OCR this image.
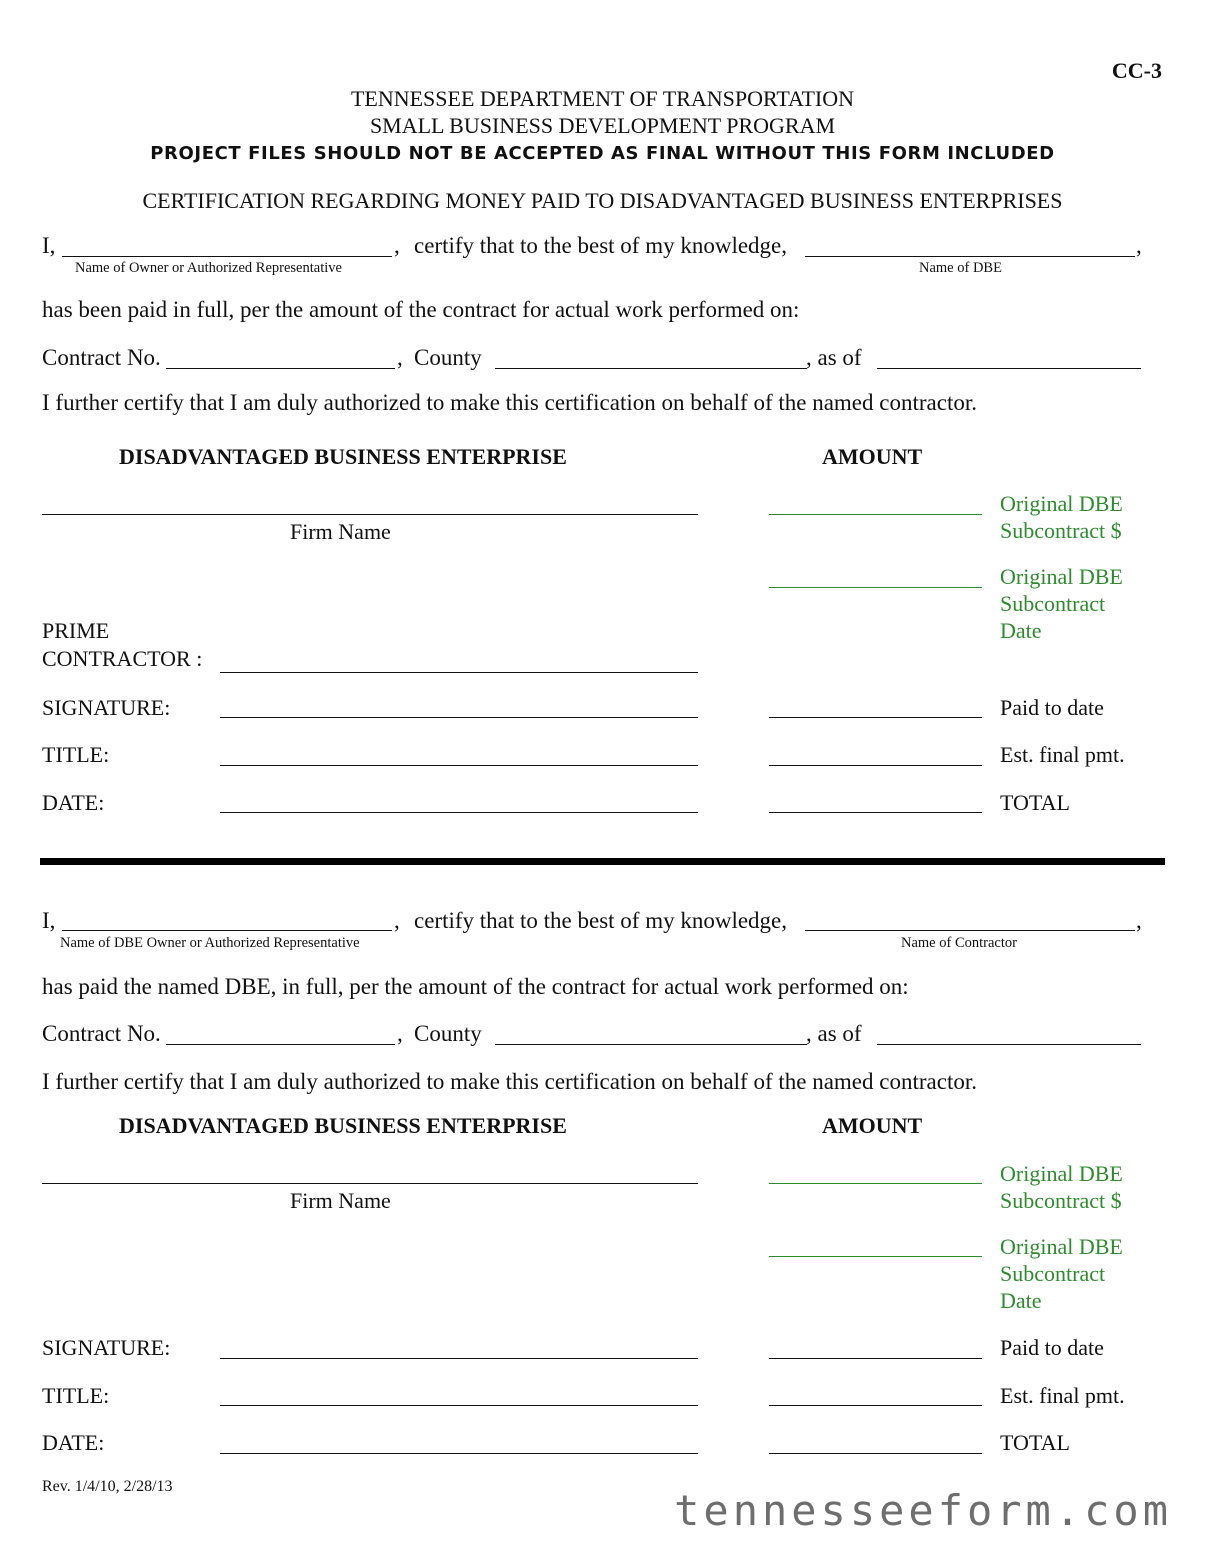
CC-3
TENNESSEE DEPARTMENT OF TRANSPORTATION
SMALL BUSINESS DEVELOPMENT PROGRAM
PROJECT FILES SHOULD NOT BE ACCEPTED AS FINAL WITHOUT THIS FORM INCLUDED
CERTIFICATION REGARDING MONEY PAID TO DISADVANTAGED BUSINESS ENTERPRISES
I,	, certify that to the best of my knowledge,	,
Name of Owner or Authorized Representative	Name of DBE
has been paid in full, per the amount of the contract for actual work performed on:
Contract No.	, County	, as of
I further certify that I am duly authorized to make this certification on behalf of the named contractor.
DISADVANTAGED BUSINESS ENTERPRISE	AMOUNT
Firm Name
Original DBE
Subcontract $
Original DBE
Subcontract
Date
PRIME
CONTRACTOR :
SIGNATURE:	Paid to date
TITLE:	Est. final pmt.
DATE:	TOTAL
I,	, certify that to the best of my knowledge,	,
Name of DBE Owner or Authorized Representative	Name of Contractor
has paid the named DBE, in full, per the amount of the contract for actual work performed on:
Contract No.	, County	, as of
I further certify that I am duly authorized to make this certification on behalf of the named contractor.
DISADVANTAGED BUSINESS ENTERPRISE	AMOUNT
Firm Name
Original DBE
Subcontract $
Original DBE
Subcontract
Date
SIGNATURE:	Paid to date
TITLE:	Est. final pmt.
DATE:	TOTAL
Rev. 1/4/10, 2/28/13	tennesseeform.com
